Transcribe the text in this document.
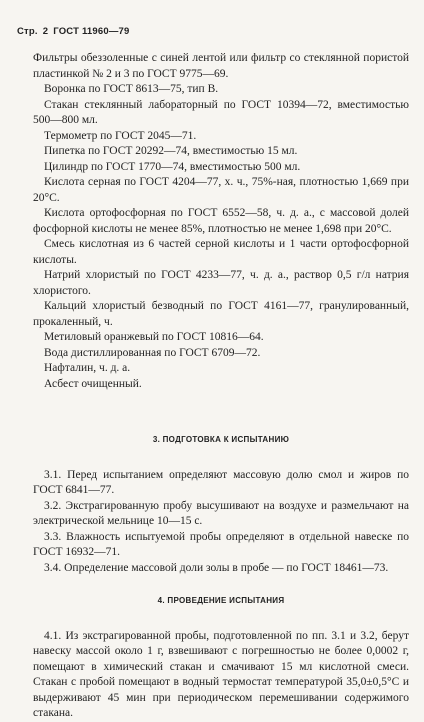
Стр. 2 ГОСТ 11960—79

Фильтры обеззоленные с синей лентой или фильтр со стеклянной пористой пластинкой № 2 и 3 по ГОСТ 9775—69.

Воронка по ГОСТ 8613—75, тип В.

Стакан стеклянный лабораторный по ГОСТ 10394—72, вместимостью 500—800 мл.

Термометр по ГОСТ 2045—71.

Пипетка по ГОСТ 20292—74, вместимостью 15 мл.

Цилиндр по ГОСТ 1770—74, вместимостью 500 мл.

Кислота серная по ГОСТ 4204—77, х. ч., 75%-ная, плотностью 1,669 при 20°С.

Кислота ортофосфорная по ГОСТ 6552—58, ч. д. а., с массовой долей фосфорной кислоты не менее 85%, плотностью не менее 1,698 при 20°С.

Смесь кислотная из 6 частей серной кислоты и 1 части ортофосфорной кислоты.

Натрий хлористый по ГОСТ 4233—77, ч. д. а., раствор 0,5 г/л натрия хлористого.

Кальций хлористый безводный по ГОСТ 4161—77, гранулированный, прокаленный, ч.

Метиловый оранжевый по ГОСТ 10816—64.

Вода дистиллированная по ГОСТ 6709—72.

Нафталин, ч. д. а.

Асбест очищенный.

3. ПОДГОТОВКА К ИСПЫТАНИЮ

3.1. Перед испытанием определяют массовую долю смол и жиров по ГОСТ 6841—77.

3.2. Экстрагированную пробу высушивают на воздухе и размельчают на электрической мельнице 10—15 с.

3.3. Влажность испытуемой пробы определяют в отдельной навеске по ГОСТ 16932—71.

3.4. Определение массовой доли золы в пробе — по ГОСТ 18461—73.

4. ПРОВЕДЕНИЕ ИСПЫТАНИЯ

4.1. Из экстрагированной пробы, подготовленной по пп. 3.1 и 3.2, берут навеску массой около 1 г, взвешивают с погрешностью не более 0,0002 г, помещают в химический стакан и смачивают 15 мл кислотной смеси. Стакан с пробой помещают в водный термостат температурой 35,0±0,5°С и выдерживают 45 мин при периодическом перемешивании содержимого стакана.
